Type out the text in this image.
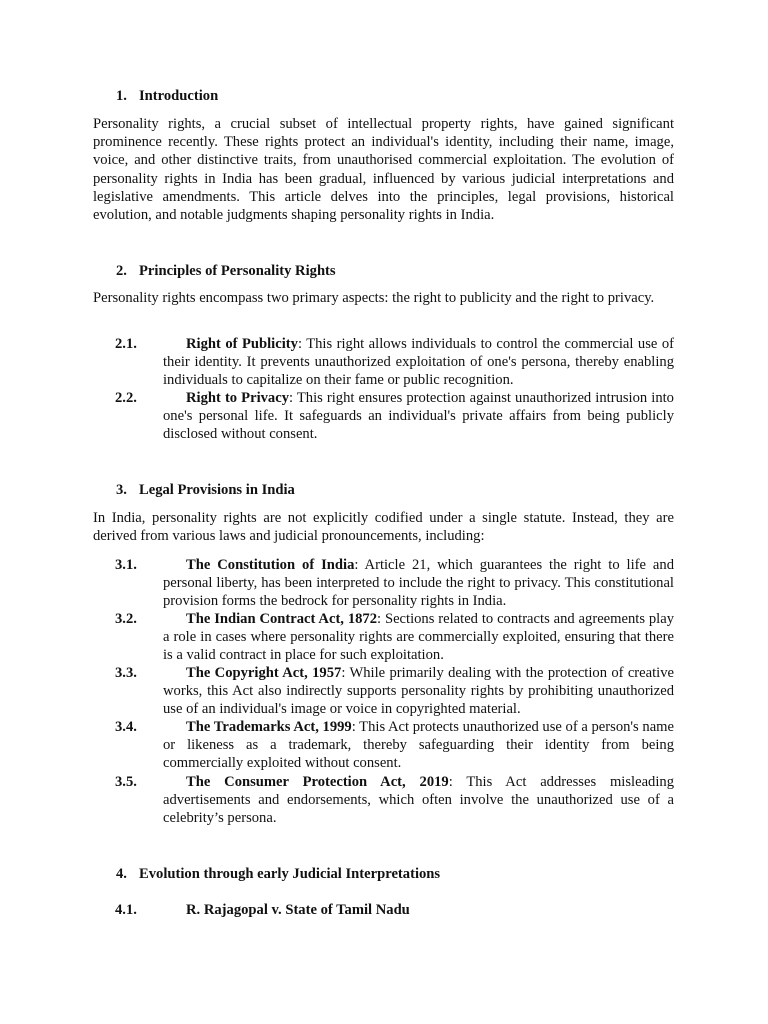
1. Introduction

Personality rights, a crucial subset of intellectual property rights, have gained significant prominence recently. These rights protect an individual's identity, including their name, image, voice, and other distinctive traits, from unauthorised commercial exploitation. The evolution of personality rights in India has been gradual, influenced by various judicial interpretations and legislative amendments. This article delves into the principles, legal provisions, historical evolution, and notable judgments shaping personality rights in India.

2. Principles of Personality Rights

Personality rights encompass two primary aspects: the right to publicity and the right to privacy.

2.1.	Right of Publicity: This right allows individuals to control the commercial use of their identity. It prevents unauthorized exploitation of one's persona, thereby enabling individuals to capitalize on their fame or public recognition.

2.2.	Right to Privacy: This right ensures protection against unauthorized intrusion into one's personal life. It safeguards an individual's private affairs from being publicly disclosed without consent.

3. Legal Provisions in India

In India, personality rights are not explicitly codified under a single statute. Instead, they are derived from various laws and judicial pronouncements, including:

3.1.	The Constitution of India: Article 21, which guarantees the right to life and personal liberty, has been interpreted to include the right to privacy. This constitutional provision forms the bedrock for personality rights in India.

3.2.	The Indian Contract Act, 1872: Sections related to contracts and agreements play a role in cases where personality rights are commercially exploited, ensuring that there is a valid contract in place for such exploitation.

3.3.	The Copyright Act, 1957: While primarily dealing with the protection of creative works, this Act also indirectly supports personality rights by prohibiting unauthorized use of an individual's image or voice in copyrighted material.

3.4.	The Trademarks Act, 1999: This Act protects unauthorized use of a person's name or likeness as a trademark, thereby safeguarding their identity from being commercially exploited without consent.

3.5.	The Consumer Protection Act, 2019: This Act addresses misleading advertisements and endorsements, which often involve the unauthorized use of a celebrity’s persona.

4. Evolution through early Judicial Interpretations

4.1.	R. Rajagopal v. State of Tamil Nadu
